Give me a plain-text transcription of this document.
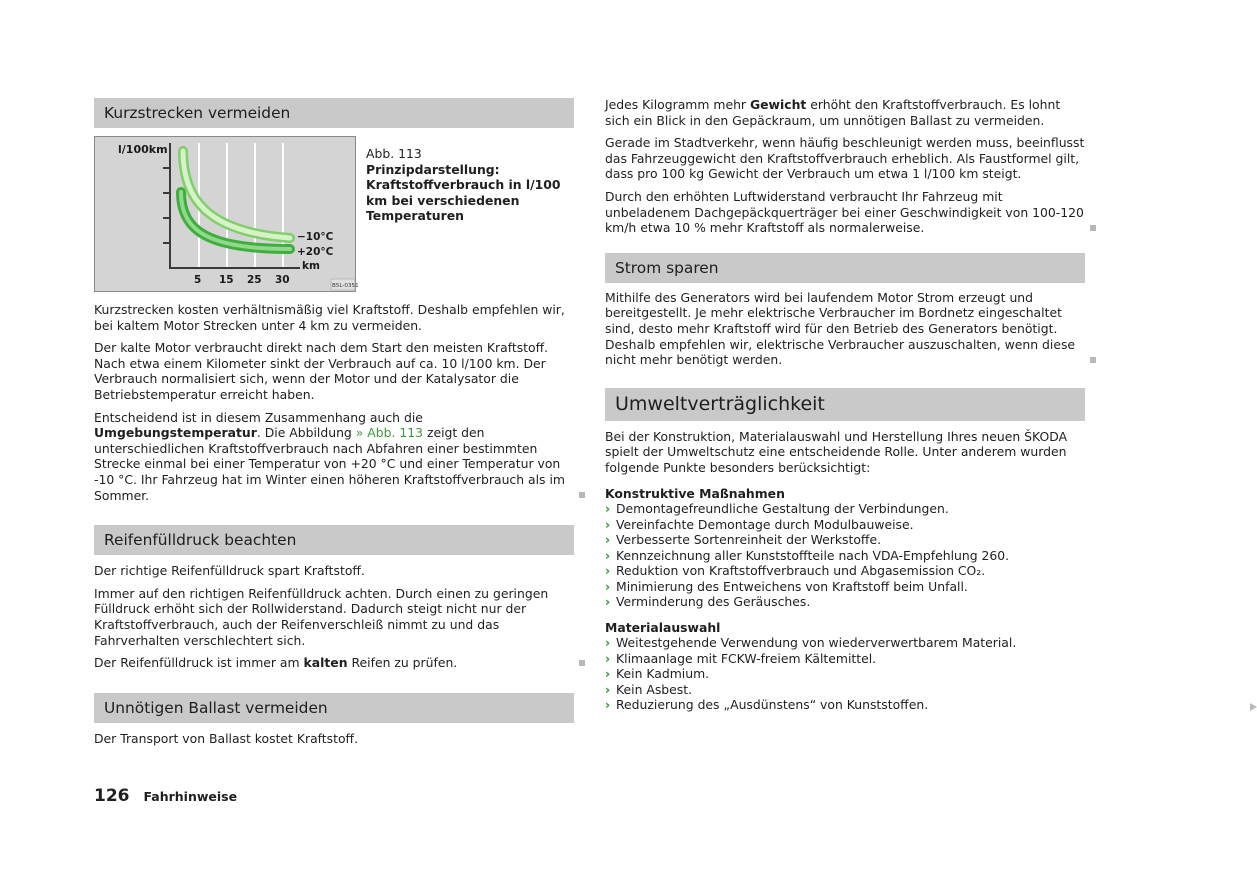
Kurzstrecken vermeiden
l/100km
−10°C
+20°C
km
5 15 25 30	B5L-0351
Abb. 113
Prinzipdarstellung: Kraftstoffverbrauch in l/100 km bei verschiedenen Temperaturen

Kurzstrecken kosten verhältnismäßig viel Kraftstoff. Deshalb empfehlen wir, bei kaltem Motor Strecken unter 4 km zu vermeiden.

Der kalte Motor verbraucht direkt nach dem Start den meisten Kraftstoff. Nach etwa einem Kilometer sinkt der Verbrauch auf ca. 10 l/100 km. Der Verbrauch normalisiert sich, wenn der Motor und der Katalysator die Betriebstemperatur erreicht haben.

Entscheidend ist in diesem Zusammenhang auch die Umgebungstemperatur. Die Abbildung » Abb. 113 zeigt den unterschiedlichen Kraftstoffverbrauch nach Abfahren einer bestimmten Strecke einmal bei einer Temperatur von +20 °C und einer Temperatur von -10 °C. Ihr Fahrzeug hat im Winter einen höheren Kraftstoffverbrauch als im Sommer.

Reifenfülldruck beachten

Der richtige Reifenfülldruck spart Kraftstoff.

Immer auf den richtigen Reifenfülldruck achten. Durch einen zu geringen Fülldruck erhöht sich der Rollwiderstand. Dadurch steigt nicht nur der Kraftstoffverbrauch, auch der Reifenverschleiß nimmt zu und das Fahrverhalten verschlechtert sich.

Der Reifenfülldruck ist immer am kalten Reifen zu prüfen.

Unnötigen Ballast vermeiden

Der Transport von Ballast kostet Kraftstoff.

Jedes Kilogramm mehr Gewicht erhöht den Kraftstoffverbrauch. Es lohnt sich ein Blick in den Gepäckraum, um unnötigen Ballast zu vermeiden.

Gerade im Stadtverkehr, wenn häufig beschleunigt werden muss, beeinflusst das Fahrzeuggewicht den Kraftstoffverbrauch erheblich. Als Faustformel gilt, dass pro 100 kg Gewicht der Verbrauch um etwa 1 l/100 km steigt.

Durch den erhöhten Luftwiderstand verbraucht Ihr Fahrzeug mit unbeladenem Dachgepäckquerträger bei einer Geschwindigkeit von 100-120 km/h etwa 10 % mehr Kraftstoff als normalerweise.

Strom sparen

Mithilfe des Generators wird bei laufendem Motor Strom erzeugt und bereitgestellt. Je mehr elektrische Verbraucher im Bordnetz eingeschaltet sind, desto mehr Kraftstoff wird für den Betrieb des Generators benötigt. Deshalb empfehlen wir, elektrische Verbraucher auszuschalten, wenn diese nicht mehr benötigt werden.

Umweltverträglichkeit

Bei der Konstruktion, Materialauswahl und Herstellung Ihres neuen ŠKODA spielt der Umweltschutz eine entscheidende Rolle. Unter anderem wurden folgende Punkte besonders berücksichtigt:

Konstruktive Maßnahmen
› Demontagefreundliche Gestaltung der Verbindungen.
› Vereinfachte Demontage durch Modulbauweise.
› Verbesserte Sortenreinheit der Werkstoffe.
› Kennzeichnung aller Kunststoffteile nach VDA-Empfehlung 260.
› Reduktion von Kraftstoffverbrauch und Abgasemission CO₂.
› Minimierung des Entweichens von Kraftstoff beim Unfall.
› Verminderung des Geräusches.
Materialauswahl
› Weitestgehende Verwendung von wiederverwertbarem Material.
› Klimaanlage mit FCKW-freiem Kältemittel.
› Kein Kadmium.
› Kein Asbest.
› Reduzierung des „Ausdünstens“ von Kunststoffen.
126 Fahrhinweise
